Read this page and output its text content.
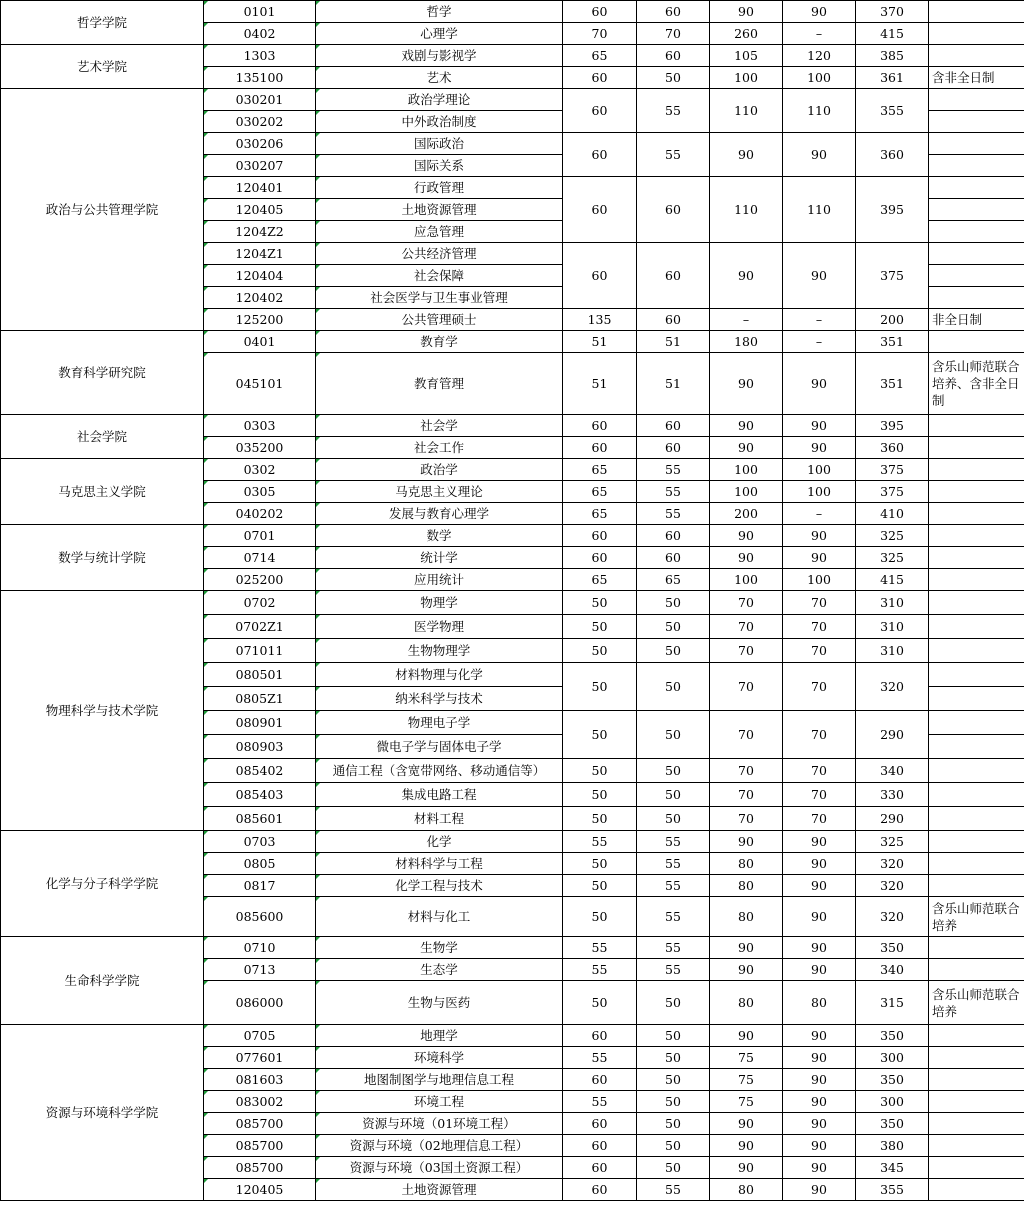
哲学学院	0101	哲学	60	60	90	90	370	
	0402	心理学	70	70	260	–	415	
艺术学院	1303	戏剧与影视学	65	60	105	120	385	
	135100	艺术	60	50	100	100	361	含非全日制
政治与公共管理学院	030201	政治学理论	60	55	110	110	355	
	030202	中外政治制度						
	030206	国际政治	60	55	90	90	360	
	030207	国际关系						
	120401	行政管理	60	60	110	110	395	
	120405	土地资源管理						
	1204Z2	应急管理						
	1204Z1	公共经济管理	60	60	90	90	375	
	120404	社会保障						
	120402	社会医学与卫生事业管理						
	125200	公共管理硕士	135	60	–	–	200	非全日制
教育科学研究院	0401	教育学	51	51	180	–	351	
	045101	教育管理	51	51	90	90	351	含乐山师范联合培养、含非全日制
社会学院	0303	社会学	60	60	90	90	395	
	035200	社会工作	60	60	90	90	360	
马克思主义学院	0302	政治学	65	55	100	100	375	
	0305	马克思主义理论	65	55	100	100	375	
	040202	发展与教育心理学	65	55	200	–	410	
数学与统计学院	0701	数学	60	60	90	90	325	
	0714	统计学	60	60	90	90	325	
	025200	应用统计	65	65	100	100	415	
物理科学与技术学院	0702	物理学	50	50	70	70	310	
	0702Z1	医学物理	50	50	70	70	310	
	071011	生物物理学	50	50	70	70	310	
	080501	材料物理与化学	50	50	70	70	320	
	0805Z1	纳米科学与技术						
	080901	物理电子学	50	50	70	70	290	
	080903	微电子学与固体电子学						
	085402	通信工程（含宽带网络、移动通信等）	50	50	70	70	340	
	085403	集成电路工程	50	50	70	70	330	
	085601	材料工程	50	50	70	70	290	
化学与分子科学学院	0703	化学	55	55	90	90	325	
	0805	材料科学与工程	50	55	80	90	320	
	0817	化学工程与技术	50	55	80	90	320	
	085600	材料与化工	50	55	80	90	320	含乐山师范联合培养
生命科学学院	0710	生物学	55	55	90	90	350	
	0713	生态学	55	55	90	90	340	
	086000	生物与医药	50	50	80	80	315	含乐山师范联合培养
资源与环境科学学院	0705	地理学	60	50	90	90	350	
	077601	环境科学	55	50	75	90	300	
	081603	地图制图学与地理信息工程	60	50	75	90	350	
	083002	环境工程	55	50	75	90	300	
	085700	资源与环境（01环境工程）	60	50	90	90	350	
	085700	资源与环境（02地理信息工程）	60	50	90	90	380	
	085700	资源与环境（03国土资源工程）	60	50	90	90	345	
	120405	土地资源管理	60	55	80	90	355	
